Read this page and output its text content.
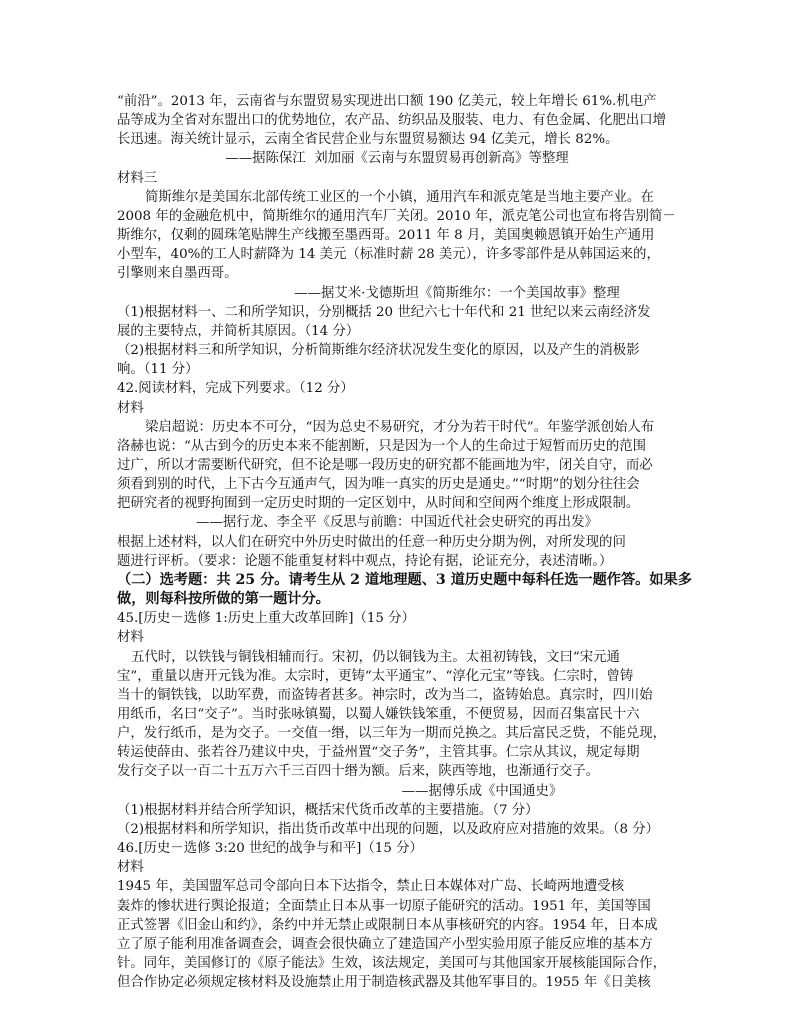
“前沿”。2013 年，云南省与东盟贸易实现进出口额 190 亿美元，较上年增长 61%.机电产
品等成为全省对东盟出口的优势地位，农产品、纺织品及服装、电力、有色金属、化肥出口增
长迅速。海关统计显示，云南全省民营企业与东盟贸易额达 94 亿美元，增长 82%。
——据陈保江  刘加丽《云南与东盟贸易再创新高》等整理
材料三
简斯维尔是美国东北部传统工业区的一个小镇，通用汽车和派克笔是当地主要产业。在
2008 年的金融危机中，简斯维尔的通用汽车厂关闭。2010 年，派克笔公司也宣布将告别简－
斯维尔，仅剩的圆珠笔贴牌生产线搬至墨西哥。2011 年 8 月，美国奥赖恩镇开始生产通用
小型车，40%的工人时薪降为 14 美元（标准时薪 28 美元），许多零部件是从韩国运来的，
引擎则来自墨西哥。
——据艾米·戈德斯坦《简斯维尔：一个美国故事》整理
（1)根据材料一、二和所学知识，分别概括 20 世纪六七十年代和 21 世纪以来云南经济发
展的主要特点，并简析其原因。（14 分）
（2)根据材料三和所学知识，分析简斯维尔经济状况发生变化的原因，以及产生的消极影
响。（11 分）
42.阅读材料，完成下列要求。（12 分）
材料
梁启超说：历史本不可分，“因为总史不易研究，才分为若干时代”。年鉴学派创始人布
洛赫也说：“从古到今的历史本来不能割断，只是因为一个人的生命过于短暂而历史的范围
过广，所以才需要断代研究，但不论是哪一段历史的研究都不能画地为牢，闭关自守，而必
须看到别的时代，上下古今互通声气，因为唯一真实的历史是通史。”“时期”的划分往往会
把研究者的视野拘囿到一定历史时期的一定区划中，从时间和空间两个维度上形成限制。
——据行龙、李全平《反思与前瞻：中国近代社会史研究的再出发》
根据上述材料，以人们在研究中外历史时做出的任意一种历史分期为例，对所发现的问
题进行评析。（要求：论题不能重复材料中观点，持论有据，论证充分，表述清晰。）
（二）选考题：共 25 分。请考生从 2 道地理题、3 道历史题中每科任选一题作答。如果多
做，则每科按所做的第一题计分。
45.[历史－选修 1:历史上重大改革回眸]（15 分）
材料
五代时，以铁钱与铜钱相辅而行。宋初，仍以铜钱为主。太祖初铸钱，文曰“宋元通
宝”，重量以唐开元钱为准。太宗时，更铸“太平通宝”、“淳化元宝”等钱。仁宗时，曾铸
当十的铜铁钱，以助军费，而盗铸者甚多。神宗时，改为当二，盗铸始息。真宗时，四川始
用纸币，名曰“交子”。当时张咏镇蜀，以蜀人嫌铁钱笨重，不便贸易，因而召集富民十六
户，发行纸币，是为交子。一交值一缗，以三年为一期而兑换之。其后富民乏赀，不能兑现，
转运使薛由、张若谷乃建议中央，于益州置“交子务”，主管其事。仁宗从其议，规定每期
发行交子以一百二十五万六千三百四十缗为额。后来，陕西等地，也渐通行交子。
——据傅乐成《中国通史》
（1)根据材料并结合所学知识，概括宋代货币改革的主要措施。（7 分）
（2)根据材料和所学知识，指出货币改革中出现的问题，以及政府应对措施的效果。（8 分）
46.[历史－选修 3:20 世纪的战争与和平]（15 分）
材料
1945 年，美国盟军总司令部向日本下达指令，禁止日本媒体对广岛、长崎两地遭受核
轰炸的惨状进行舆论报道；全面禁止日本从事一切原子能研究的活动。1951 年，美国等国
正式签署《旧金山和约》，条约中并无禁止或限制日本从事核研究的内容。1954 年，日本成
立了原子能利用准备调查会，调查会很快确立了建造国产小型实验用原子能反应堆的基本方
针。同年，美国修订的《原子能法》生效，该法规定，美国可与其他国家开展核能国际合作，
但合作协定必须规定核材料及设施禁止用于制造核武器及其他军事目的。1955 年《日美核
